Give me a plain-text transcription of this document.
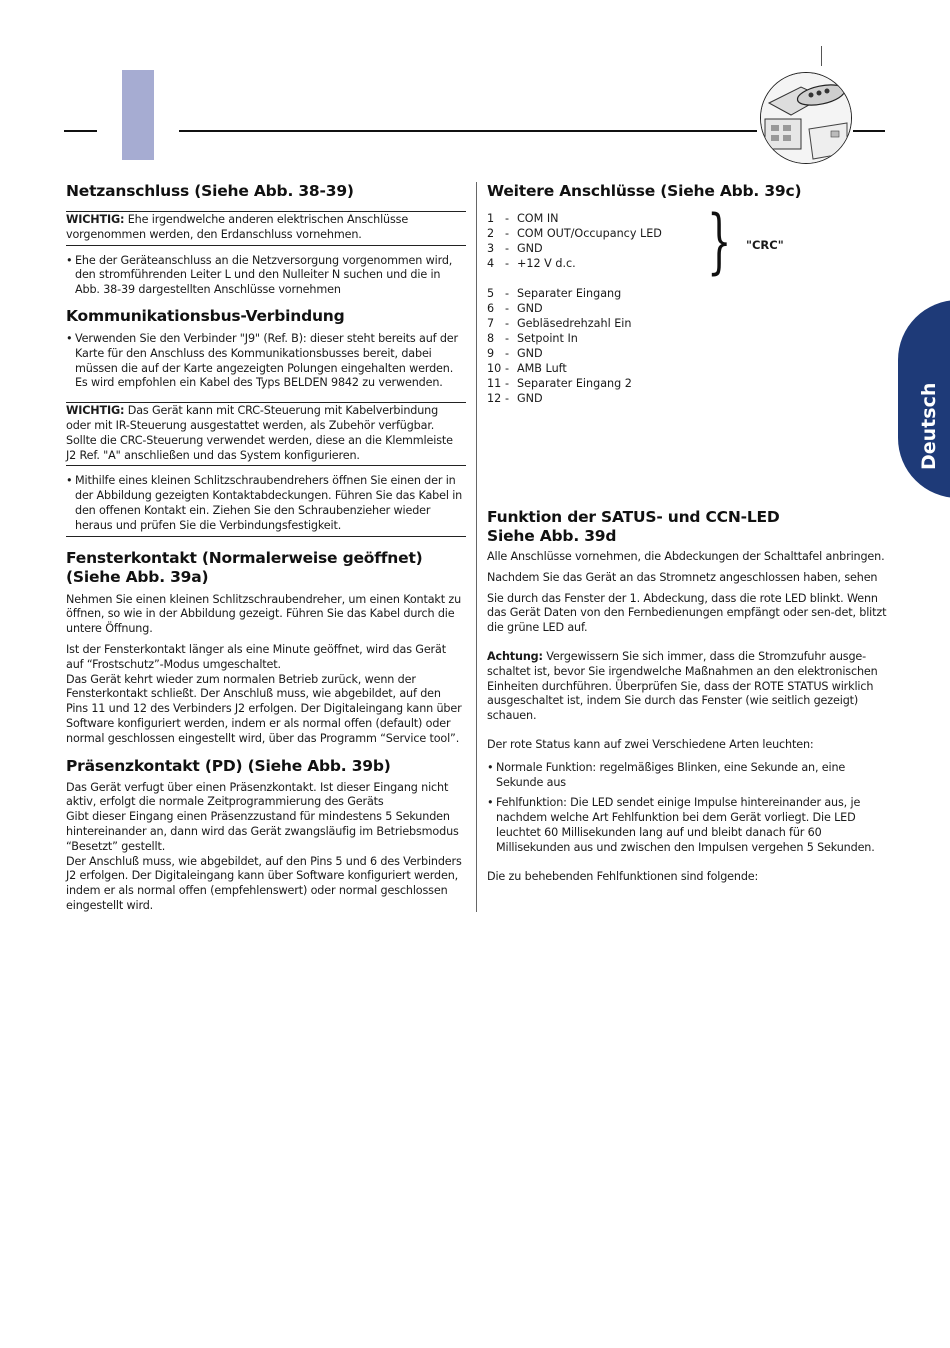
Deutsch
Netzanschluss (Siehe Abb. 38-39)

WICHTIG: Ehe irgendwelche anderen elektrischen Anschlüsse vorgenommen werden, den Erdanschluss vornehmen.

• Ehe der Geräteanschluss an die Netzversorgung vorgenommen wird, den stromführenden Leiter L und den Nulleiter N suchen und die in Abb. 38-39 dargestellten Anschlüsse vornehmen
Kommunikationsbus-Verbindung
• Verwenden Sie den Verbinder "J9" (Ref. B): dieser steht bereits auf der Karte für den Anschluss des Kommunikationsbusses bereit, dabei müssen die auf der Karte angezeigten Polungen eingehalten werden. Es wird empfohlen ein Kabel des Typs BELDEN 9842 zu verwenden.

WICHTIG: Das Gerät kann mit CRC-Steuerung mit Kabelverbindung oder mit IR-Steuerung ausgestattet werden, als Zubehör verfügbar. Sollte die CRC-Steuerung verwendet werden, diese an die Klemmleiste J2 Ref. "A" anschließen und das System konfigurieren.

• Mithilfe eines kleinen Schlitzschraubendrehers öffnen Sie einen der in der Abbildung gezeigten Kontaktabdeckungen. Führen Sie das Kabel in den offenen Kontakt ein. Ziehen Sie den Schraubenzieher wieder heraus und prüfen Sie die Verbindungsfestigkeit.
Fensterkontakt (Normalerweise geöffnet)
(Siehe Abb. 39a)

Nehmen Sie einen kleinen Schlitzschraubendreher, um einen Kontakt zu öffnen, so wie in der Abbildung gezeigt. Führen Sie das Kabel durch die untere Öffnung.

Ist der Fensterkontakt länger als eine Minute geöffnet, wird das Gerät auf “Frostschutz”-Modus umgeschaltet.

Das Gerät kehrt wieder zum normalen Betrieb zurück, wenn der Fensterkontakt schließt. Der Anschluß muss, wie abgebildet, auf den Pins 11 und 12 des Verbinders J2 erfolgen. Der Digitaleingang kann über Software konfiguriert werden, indem er als normal offen (default) oder normal geschlossen eingestellt wird, über das Programm “Service tool”.

Präsenzkontakt (PD) (Siehe Abb. 39b)

Das Gerät verfugt über einen Präsenzkontakt. Ist dieser Eingang nicht aktiv, erfolgt die normale Zeitprogrammierung des Geräts

Gibt dieser Eingang einen Präsenzzustand für mindestens 5 Sekunden hintereinander an, dann wird das Gerät zwangsläufig im Betriebsmodus “Besetzt” gestellt.

Der Anschluß muss, wie abgebildet, auf den Pins 5 und 6 des Verbinders J2 erfolgen. Der Digitaleingang kann über Software konfiguriert werden, indem er als normal offen (empfehlenswert) oder normal geschlossen eingestellt wird.

Weitere Anschlüsse (Siehe Abb. 39c)
1 - COM IN
2 - COM OUT/Occupancy LED
3 - GND
4 - +12 V d.c.
5 - Separater Eingang
6 - GND
7 - Gebläsedrehzahl Ein
8 - Setpoint In
9 - GND
10 - AMB Luft
11 - Separater Eingang 2
12 - GND
Funktion der SATUS- und CCN-LED
Siehe Abb. 39d

Alle Anschlüsse vornehmen, die Abdeckungen der Schalttafel anbringen.

Nachdem Sie das Gerät an das Stromnetz angeschlossen haben, sehen

Sie durch das Fenster der 1. Abdeckung, dass die rote LED blinkt. Wenn das Gerät Daten von den Fernbedienungen empfängt oder sen-det, blitzt die grüne LED auf.

Achtung: Vergewissern Sie sich immer, dass die Stromzufuhr ausge-schaltet ist, bevor Sie irgendwelche Maßnahmen an den elektronischen Einheiten durchführen. Überprüfen Sie, dass der ROTE STATUS wirklich ausgeschaltet ist, indem Sie durch das Fenster (wie seitlich gezeigt) schauen.

Der rote Status kann auf zwei Verschiedene Arten leuchten:

• Normale Funktion: regelmäßiges Blinken, eine Sekunde an, eine Sekunde aus
• Fehlfunktion: Die LED sendet einige Impulse hintereinander aus, je nachdem welche Art Fehlfunktion bei dem Gerät vorliegt. Die LED leuchtet 60 Millisekunden lang auf und bleibt danach für 60 Millisekunden aus und zwischen den Impulsen vergehen 5 Sekunden.

Die zu behebenden Fehlfunktionen sind folgende:

} "CRC"
